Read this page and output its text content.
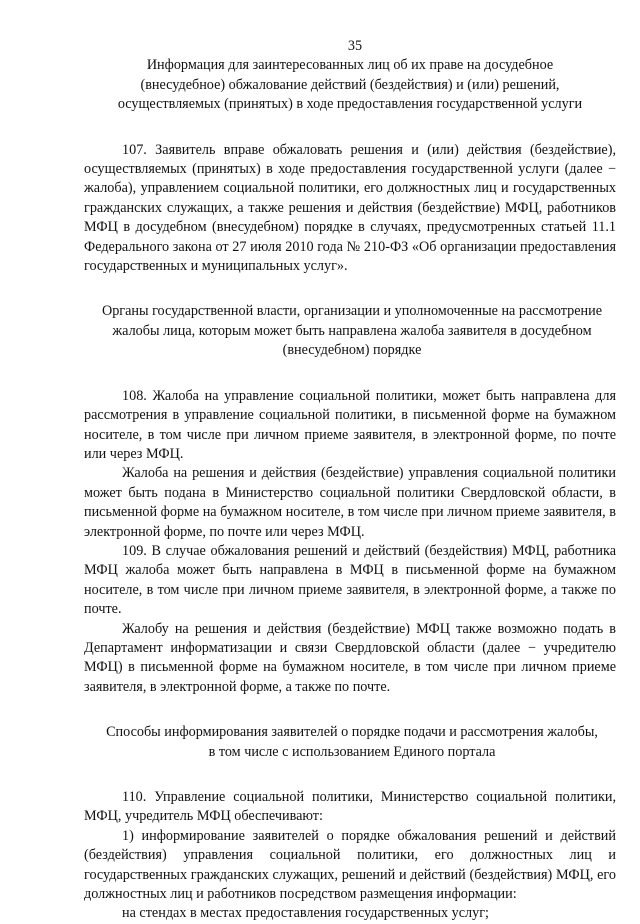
35
Информация для заинтересованных лиц об их праве на досудебное
(внесудебное) обжалование действий (бездействия) и (или) решений,
осуществляемых (принятых) в ходе предоставления государственной услуги

107. Заявитель вправе обжаловать решения и (или) действия (бездействие), осуществляемых (принятых) в ходе предоставления государственной услуги (далее − жалоба), управлением социальной политики, его должностных лиц и государственных гражданских служащих, а также решения и действия (бездействие) МФЦ, работников МФЦ в досудебном (внесудебном) порядке в случаях, предусмотренных статьей 11.1 Федерального закона от 27 июля 2010 года № 210-ФЗ «Об организации предоставления государственных и муниципальных услуг».

Органы государственной власти, организации и уполномоченные на рассмотрение
жалобы лица, которым может быть направлена жалоба заявителя в досудебном
(внесудебном) порядке

108. Жалоба на управление социальной политики, может быть направлена для рассмотрения в управление социальной политики, в письменной форме на бумажном носителе, в том числе при личном приеме заявителя, в электронной форме, по почте или через МФЦ.

Жалоба на решения и действия (бездействие) управления социальной политики может быть подана в Министерство социальной политики Свердловской области, в письменной форме на бумажном носителе, в том числе при личном приеме заявителя, в электронной форме, по почте или через МФЦ.

109. В случае обжалования решений и действий (бездействия) МФЦ, работника МФЦ жалоба может быть направлена в МФЦ в письменной форме на бумажном носителе, в том числе при личном приеме заявителя, в электронной форме, а также по почте.

Жалобу на решения и действия (бездействие) МФЦ также возможно подать в Департамент информатизации и связи Свердловской области (далее − учредителю МФЦ) в письменной форме на бумажном носителе, в том числе при личном приеме заявителя, в электронной форме, а также по почте.

Способы информирования заявителей о порядке подачи и рассмотрения жалобы,
в том числе с использованием Единого портала

110. Управление социальной политики, Министерство социальной политики, МФЦ, учредитель МФЦ обеспечивают:

1) информирование заявителей о порядке обжалования решений и действий (бездействия) управления социальной политики, его должностных лиц и государственных гражданских служащих, решений и действий (бездействия) МФЦ, его должностных лиц и работников посредством размещения информации:

на стендах в местах предоставления государственных услуг;
